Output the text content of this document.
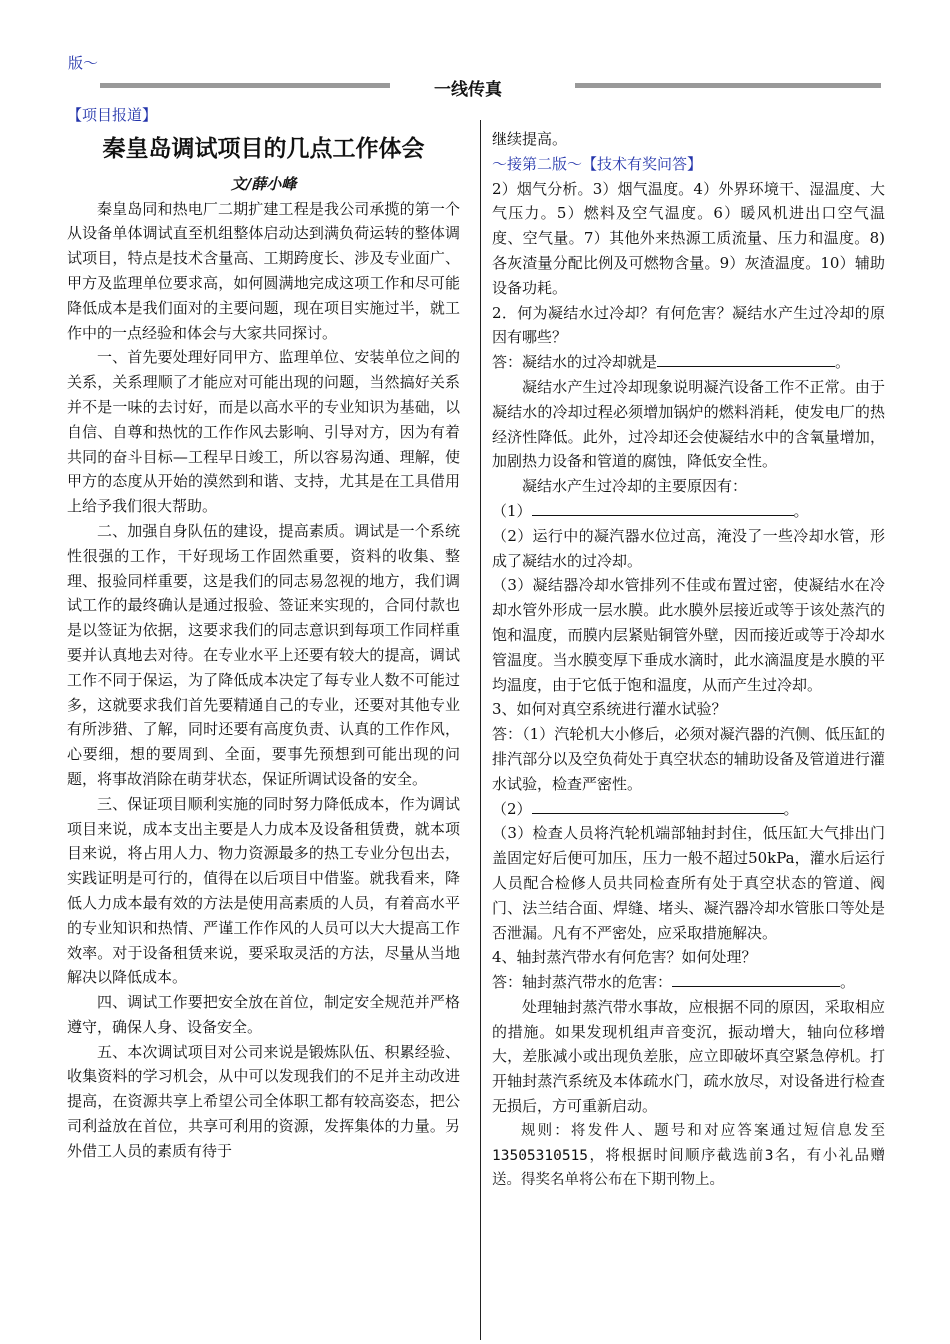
版～
一线传真
【项目报道】
秦皇岛调试项目的几点工作体会
文/薛小峰

秦皇岛同和热电厂二期扩建工程是我公司承揽的第一个从设备单体调试直至机组整体启动达到满负荷运转的整体调试项目，特点是技术含量高、工期跨度长、涉及专业面广、甲方及监理单位要求高，如何圆满地完成这项工作和尽可能降低成本是我们面对的主要问题，现在项目实施过半，就工作中的一点经验和体会与大家共同探讨。

一、首先要处理好同甲方、监理单位、安装单位之间的关系，关系理顺了才能应对可能出现的问题，当然搞好关系并不是一味的去讨好，而是以高水平的专业知识为基础，以自信、自尊和热忱的工作作风去影响、引导对方，因为有着共同的奋斗目标—工程早日竣工，所以容易沟通、理解，使甲方的态度从开始的漠然到和谐、支持，尤其是在工具借用上给予我们很大帮助。

二、加强自身队伍的建设，提高素质。调试是一个系统性很强的工作，干好现场工作固然重要，资料的收集、整理、报验同样重要，这是我们的同志易忽视的地方，我们调试工作的最终确认是通过报验、签证来实现的，合同付款也是以签证为依据，这要求我们的同志意识到每项工作同样重要并认真地去对待。在专业水平上还要有较大的提高，调试工作不同于保运，为了降低成本决定了每专业人数不可能过多，这就要求我们首先要精通自己的专业，还要对其他专业有所涉猎、了解，同时还要有高度负责、认真的工作作风，心要细，想的要周到、全面，要事先预想到可能出现的问题，将事故消除在萌芽状态，保证所调试设备的安全。

三、保证项目顺利实施的同时努力降低成本，作为调试项目来说，成本支出主要是人力成本及设备租赁费，就本项目来说，将占用人力、物力资源最多的热工专业分包出去，实践证明是可行的，值得在以后项目中借鉴。就我看来，降低人力成本最有效的方法是使用高素质的人员，有着高水平的专业知识和热情、严谨工作作风的人员可以大大提高工作效率。对于设备租赁来说，要采取灵活的方法，尽量从当地解决以降低成本。

四、调试工作要把安全放在首位，制定安全规范并严格遵守，确保人身、设备安全。

五、本次调试项目对公司来说是锻炼队伍、积累经验、收集资料的学习机会，从中可以发现我们的不足并主动改进提高，在资源共享上希望公司全体职工都有较高姿态，把公司利益放在首位，共享可利用的资源，发挥集体的力量。另外借工人员的素质有待于

继续提高。

～接第二版～【技术有奖问答】

2）烟气分析。3）烟气温度。4）外界环境干、湿温度、大气压力。5）燃料及空气温度。6）暖风机进出口空气温度、空气量。7）其他外来热源工质流量、压力和温度。8)各灰渣量分配比例及可燃物含量。9）灰渣温度。10）辅助设备功耗。

2．何为凝结水过冷却？有何危害？凝结水产生过冷却的原因有哪些？

答：凝结水的过冷却就是	。

凝结水产生过冷却现象说明凝汽设备工作不正常。由于凝结水的冷却过程必须增加锅炉的燃料消耗，使发电厂的热经济性降低。此外，过冷却还会使凝结水中的含氧量增加，加剧热力设备和管道的腐蚀，降低安全性。

凝结水产生过冷却的主要原因有：

（1）	。

（2）运行中的凝汽器水位过高，淹没了一些冷却水管，形成了凝结水的过冷却。

（3）凝结器冷却水管排列不佳或布置过密，使凝结水在冷却水管外形成一层水膜。此水膜外层接近或等于该处蒸汽的饱和温度，而膜内层紧贴铜管外壁，因而接近或等于冷却水管温度。当水膜变厚下垂成水滴时，此水滴温度是水膜的平均温度，由于它低于饱和温度，从而产生过冷却。

3、如何对真空系统进行灌水试验？

答：（1）汽轮机大小修后，必须对凝汽器的汽侧、低压缸的排汽部分以及空负荷处于真空状态的辅助设备及管道进行灌水试验，检查严密性。

（2）	。

（3）检查人员将汽轮机端部轴封封住，低压缸大气排出门盖固定好后便可加压，压力一般不超过50kPa，灌水后运行人员配合检修人员共同检查所有处于真空状态的管道、阀门、法兰结合面、焊缝、堵头、凝汽器冷却水管胀口等处是否泄漏。凡有不严密处，应采取措施解决。

4、轴封蒸汽带水有何危害？如何处理？

答：轴封蒸汽带水的危害：	。

处理轴封蒸汽带水事故，应根据不同的原因，采取相应的措施。如果发现机组声音变沉，振动增大，轴向位移增大，差胀减小或出现负差胀，应立即破坏真空紧急停机。打开轴封蒸汽系统及本体疏水门，疏水放尽，对设备进行检查无损后，方可重新启动。

规则：将发件人、题号和对应答案通过短信息发至13505310515，将根据时间顺序截选前3名，有小礼品赠送。得奖名单将公布在下期刊物上。
